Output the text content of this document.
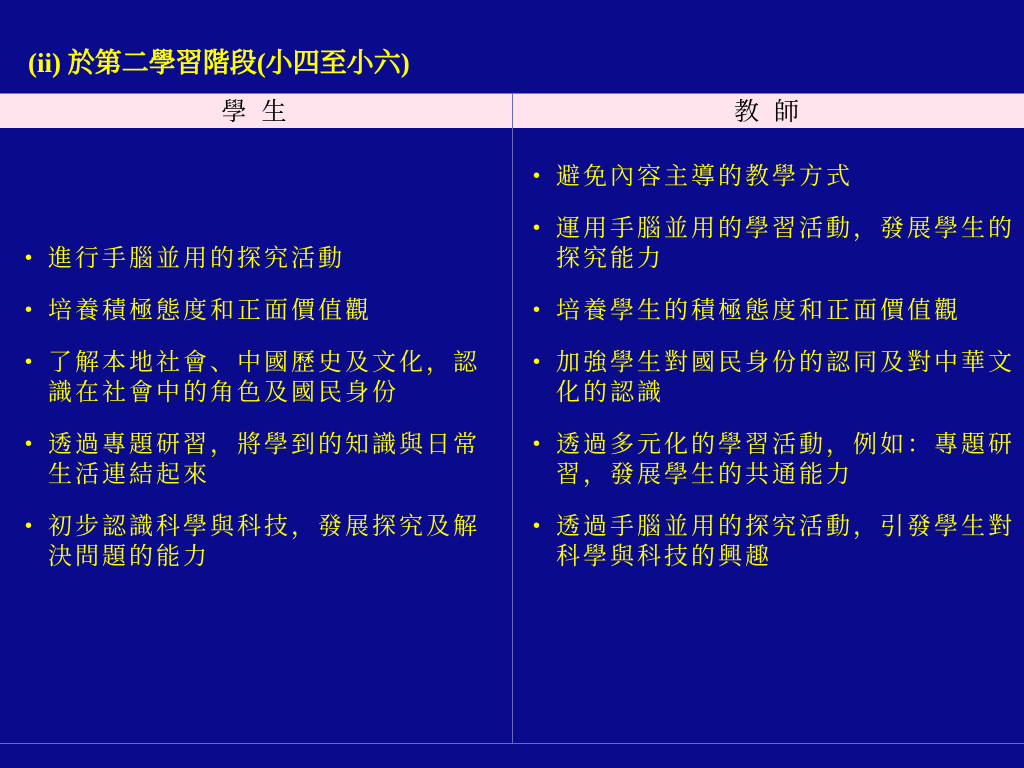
(ii) 於第二學習階段(小四至小六)
學 生	教 師
• 進行手腦並用的探究活動
• 培養積極態度和正面價值觀
• 了解本地社會、中國歷史及文化，認識在社會中的角色及國民身份
• 透過專題研習，將學到的知識與日常生活連結起來
• 初步認識科學與科技，發展探究及解決問題的能力
• 避免內容主導的教學方式
• 運用手腦並用的學習活動，發展學生的探究能力
• 培養學生的積極態度和正面價值觀
• 加強學生對國民身份的認同及對中華文化的認識
• 透過多元化的學習活動，例如：專題研習，發展學生的共通能力
• 透過手腦並用的探究活動，引發學生對科學與科技的興趣
